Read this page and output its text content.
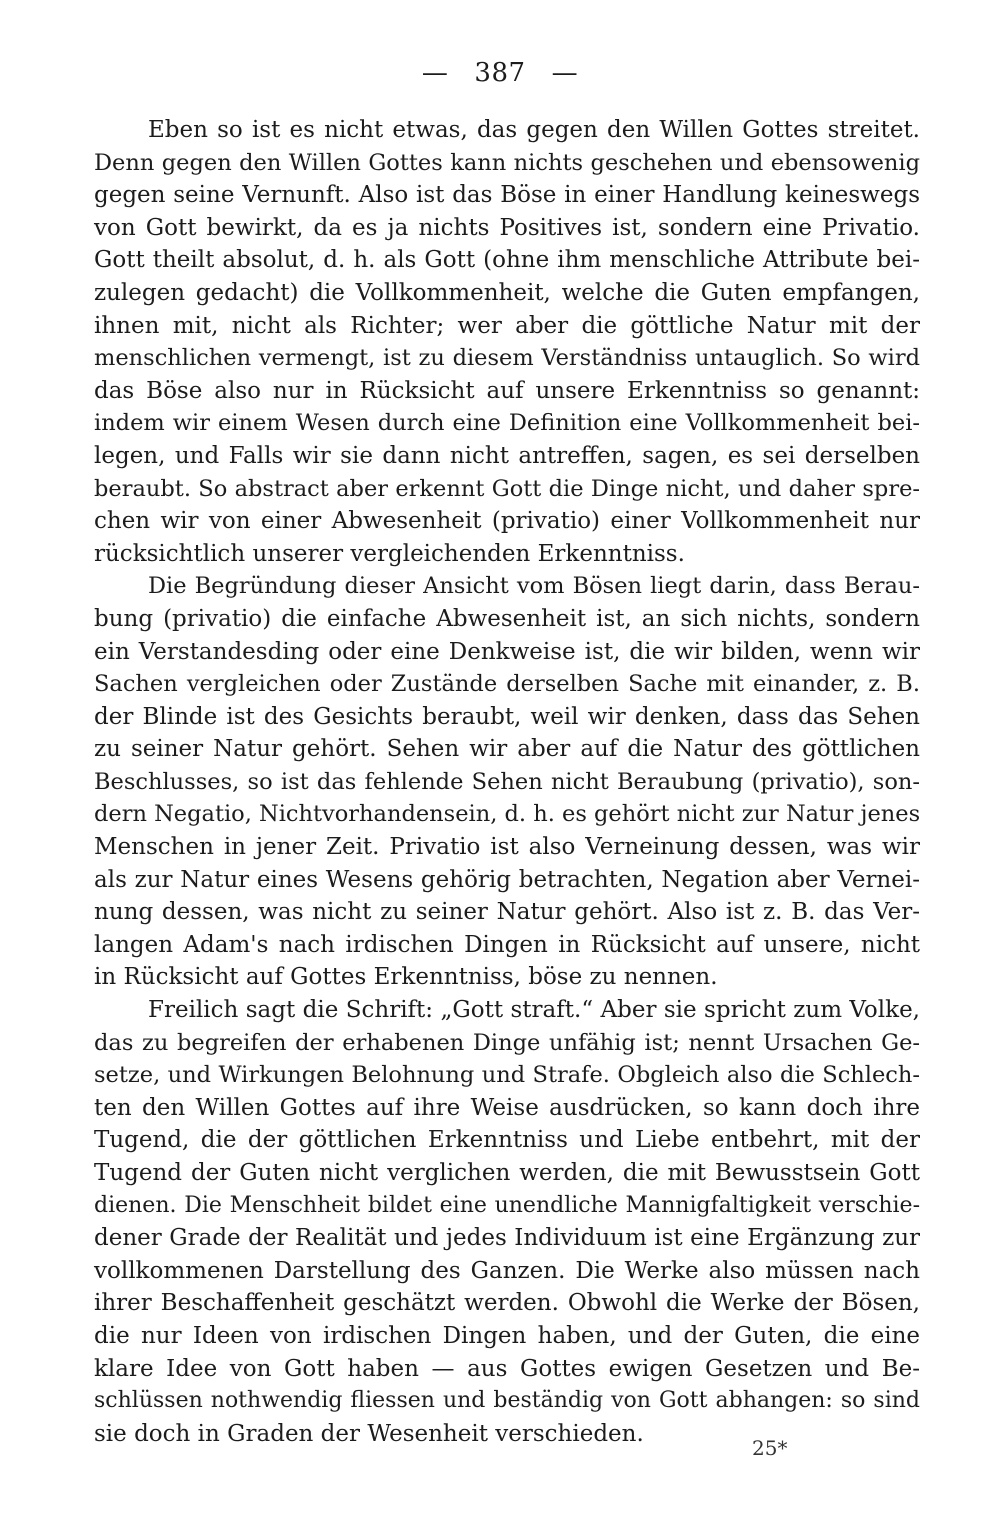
— 387 —
Eben so ist es nicht etwas, das gegen den Willen Gottes streitet.
Denn gegen den Willen Gottes kann nichts geschehen und ebensowenig
gegen seine Vernunft. Also ist das Böse in einer Handlung keineswegs
von Gott bewirkt, da es ja nichts Positives ist, sondern eine Privatio.
Gott theilt absolut, d. h. als Gott (ohne ihm menschliche Attribute bei-
zulegen gedacht) die Vollkommenheit, welche die Guten empfangen,
ihnen mit, nicht als Richter; wer aber die göttliche Natur mit der
menschlichen vermengt, ist zu diesem Verständniss untauglich. So wird
das Böse also nur in Rücksicht auf unsere Erkenntniss so genannt:
indem wir einem Wesen durch eine Definition eine Vollkommenheit bei-
legen, und Falls wir sie dann nicht antreffen, sagen, es sei derselben
beraubt. So abstract aber erkennt Gott die Dinge nicht, und daher spre-
chen wir von einer Abwesenheit (privatio) einer Vollkommenheit nur
rücksichtlich unserer vergleichenden Erkenntniss.
Die Begründung dieser Ansicht vom Bösen liegt darin, dass Berau-
bung (privatio) die einfache Abwesenheit ist, an sich nichts, sondern
ein Verstandesding oder eine Denkweise ist, die wir bilden, wenn wir
Sachen vergleichen oder Zustände derselben Sache mit einander, z. B.
der Blinde ist des Gesichts beraubt, weil wir denken, dass das Sehen
zu seiner Natur gehört. Sehen wir aber auf die Natur des göttlichen
Beschlusses, so ist das fehlende Sehen nicht Beraubung (privatio), son-
dern Negatio, Nichtvorhandensein, d. h. es gehört nicht zur Natur jenes
Menschen in jener Zeit. Privatio ist also Verneinung dessen, was wir
als zur Natur eines Wesens gehörig betrachten, Negation aber Vernei-
nung dessen, was nicht zu seiner Natur gehört. Also ist z. B. das Ver-
langen Adam's nach irdischen Dingen in Rücksicht auf unsere, nicht
in Rücksicht auf Gottes Erkenntniss, böse zu nennen.
Freilich sagt die Schrift: „Gott straft.“ Aber sie spricht zum Volke,
das zu begreifen der erhabenen Dinge unfähig ist; nennt Ursachen Ge-
setze, und Wirkungen Belohnung und Strafe. Obgleich also die Schlech-
ten den Willen Gottes auf ihre Weise ausdrücken, so kann doch ihre
Tugend, die der göttlichen Erkenntniss und Liebe entbehrt, mit der
Tugend der Guten nicht verglichen werden, die mit Bewusstsein Gott
dienen. Die Menschheit bildet eine unendliche Mannigfaltigkeit verschie-
dener Grade der Realität und jedes Individuum ist eine Ergänzung zur
vollkommenen Darstellung des Ganzen. Die Werke also müssen nach
ihrer Beschaffenheit geschätzt werden. Obwohl die Werke der Bösen,
die nur Ideen von irdischen Dingen haben, und der Guten, die eine
klare Idee von Gott haben — aus Gottes ewigen Gesetzen und Be-
schlüssen nothwendig fliessen und beständig von Gott abhangen: so sind
sie doch in Graden der Wesenheit verschieden.
25*
